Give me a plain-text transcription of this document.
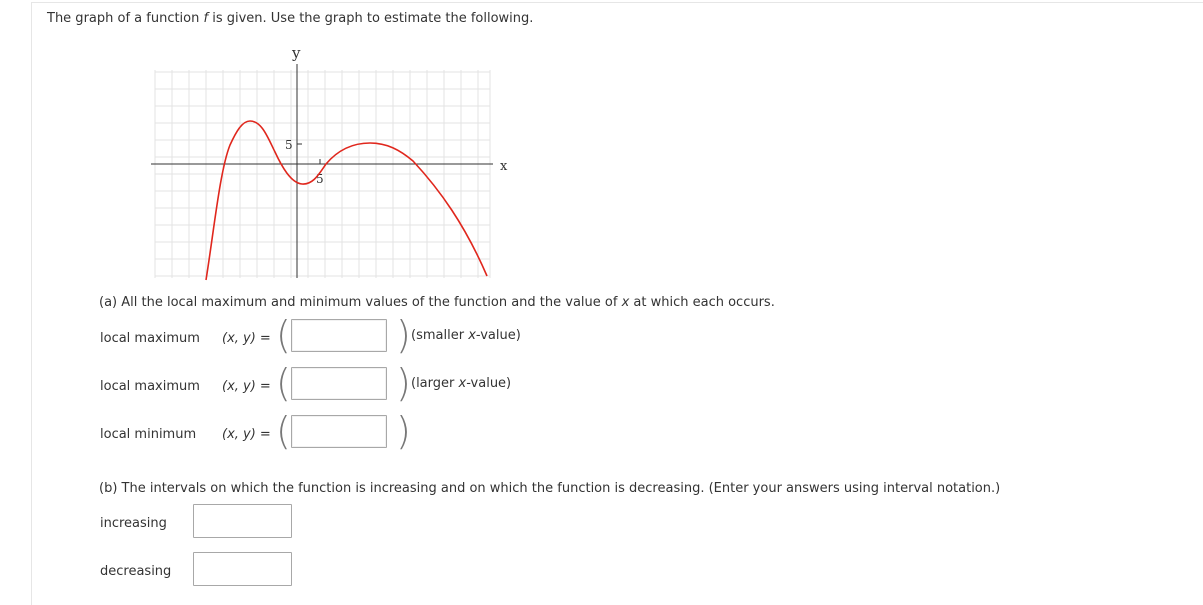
The graph of a function f is given. Use the graph to estimate the following.
y
x
5
5
(a) All the local maximum and minimum values of the function and the value of x at which each occurs.
local maximum (x, y) = (	) (smaller x-value)
local maximum (x, y) = (	) (larger x-value)
local minimum (x, y) = (	)
(b) The intervals on which the function is increasing and on which the function is decreasing. (Enter your answers using interval notation.)
increasing
decreasing
